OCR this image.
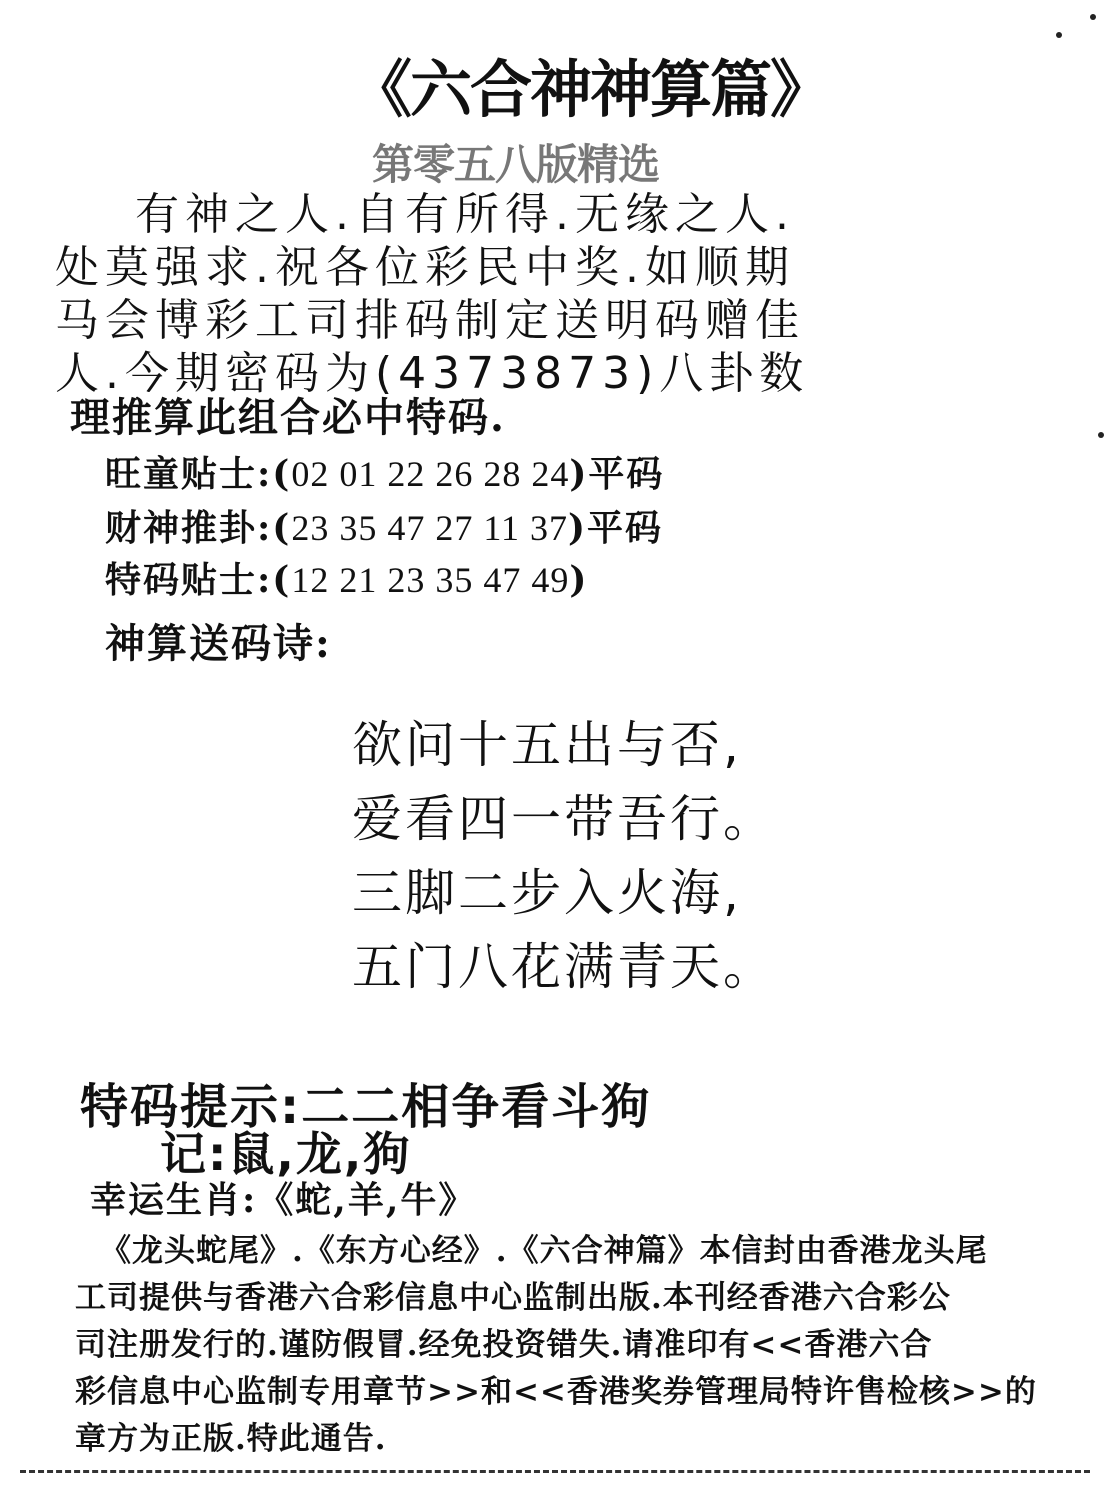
《六合神神算篇》
第零五八版精选
有神之人.自有所得.无缘之人.
处莫强求.祝各位彩民中奖.如顺期
马会博彩工司排码制定送明码赠佳
人.今期密码为(4373873)八卦数
理推算此组合必中特码.
旺童贴士:(02 01 22 26 28 24)平码
财神推卦:(23 35 47 27 11 37)平码
特码贴士:(12 21 23 35 47 49)
神算送码诗:
欲问十五出与否,
爱看四一带吾行。
三脚二步入火海,
五门八花满青天。
特码提示:二二相争看斗狗
记:鼠,龙,狗
幸运生肖:《蛇,羊,牛》
《龙头蛇尾》.《东方心经》.《六合神篇》本信封由香港龙头尾
工司提供与香港六合彩信息中心监制出版.本刊经香港六合彩公
司注册发行的.谨防假冒.经免投资错失.请准印有<<香港六合
彩信息中心监制专用章节>>和<<香港奖券管理局特许售检核>>的
章方为正版.特此通告.
